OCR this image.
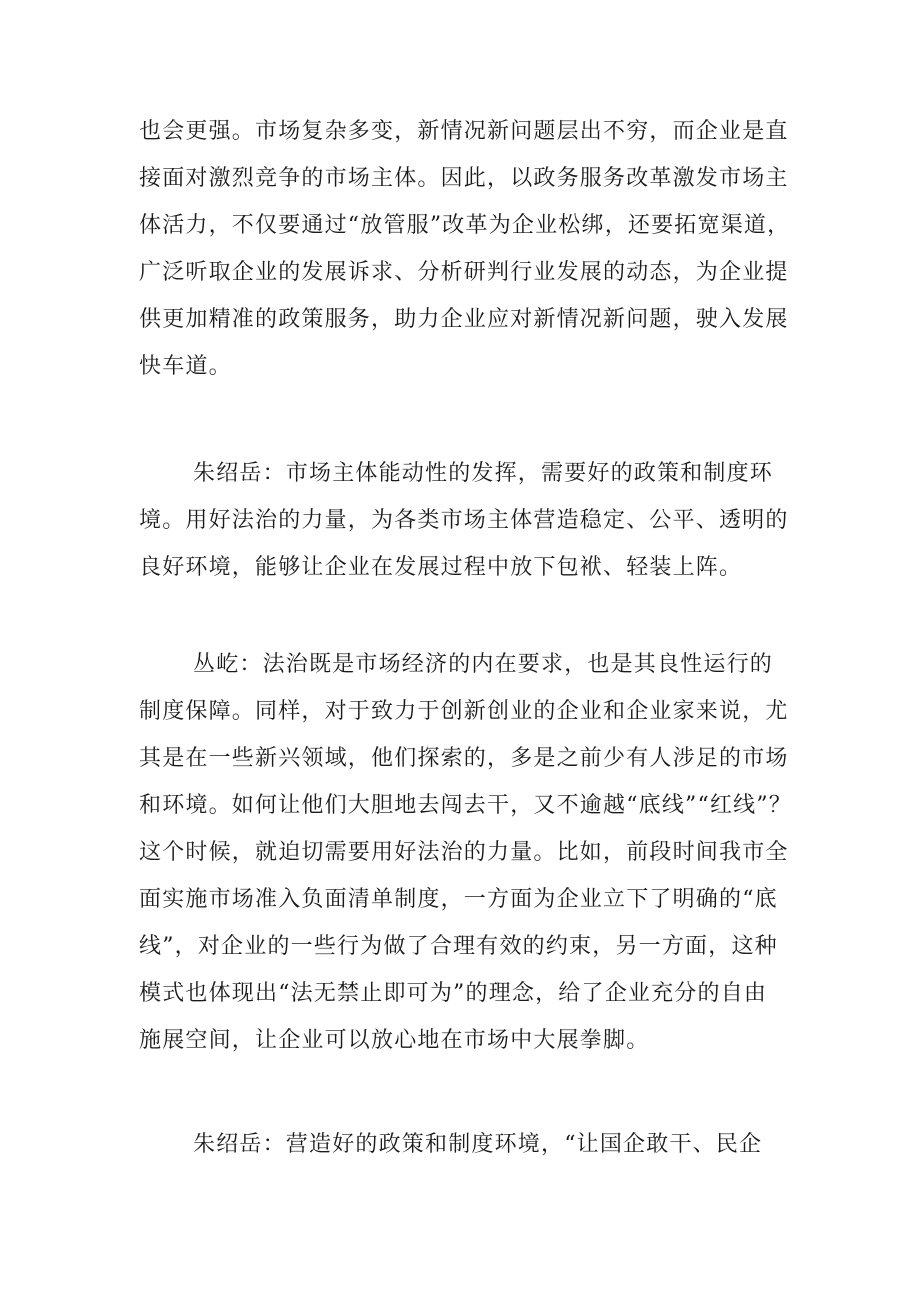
也会更强。市场复杂多变，新情况新问题层出不穷，而企业是直
接面对激烈竞争的市场主体。因此，以政务服务改革激发市场主
体活力，不仅要通过“放管服”改革为企业松绑，还要拓宽渠道，
广泛听取企业的发展诉求、分析研判行业发展的动态，为企业提
供更加精准的政策服务，助力企业应对新情况新问题，驶入发展
快车道。
朱绍岳：市场主体能动性的发挥，需要好的政策和制度环
境。用好法治的力量，为各类市场主体营造稳定、公平、透明的
良好环境，能够让企业在发展过程中放下包袱、轻装上阵。
丛屹：法治既是市场经济的内在要求，也是其良性运行的
制度保障。同样，对于致力于创新创业的企业和企业家来说，尤
其是在一些新兴领域，他们探索的，多是之前少有人涉足的市场
和环境。如何让他们大胆地去闯去干，又不逾越“底线”“红线”？
这个时候，就迫切需要用好法治的力量。比如，前段时间我市全
面实施市场准入负面清单制度，一方面为企业立下了明确的“底
线”，对企业的一些行为做了合理有效的约束，另一方面，这种
模式也体现出“法无禁止即可为”的理念，给了企业充分的自由
施展空间，让企业可以放心地在市场中大展拳脚。
朱绍岳：营造好的政策和制度环境，“让国企敢干、民企
